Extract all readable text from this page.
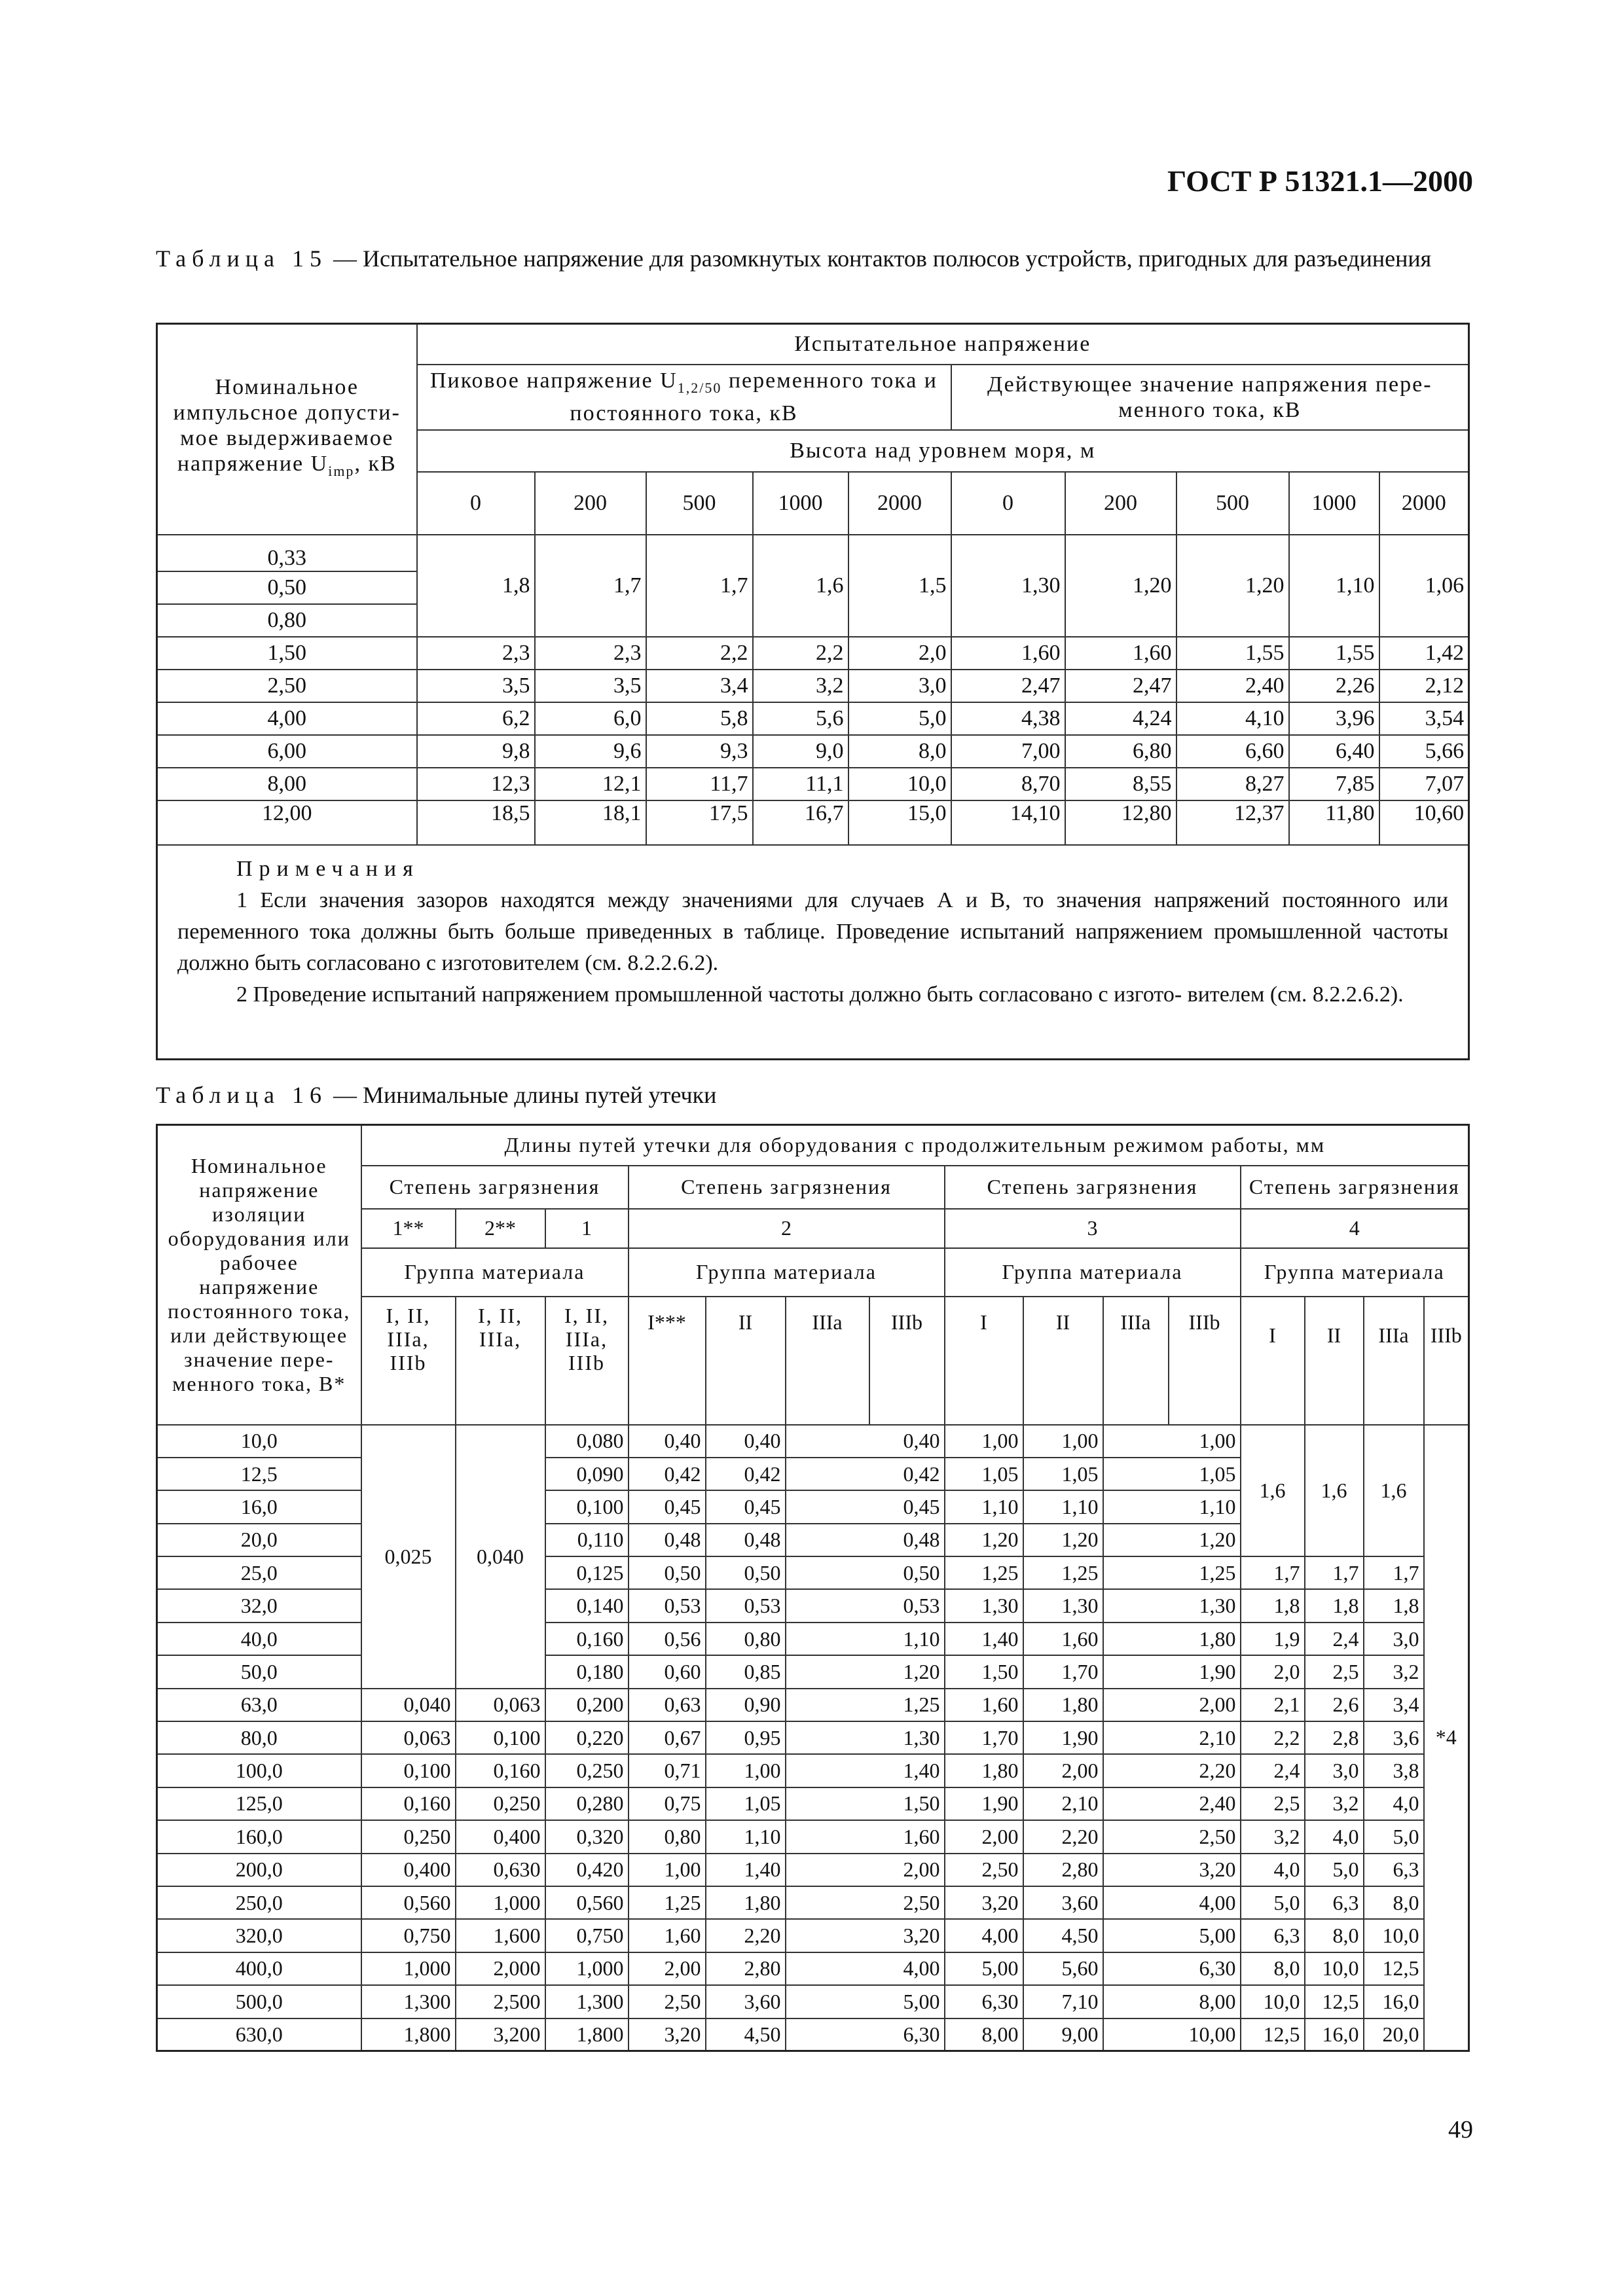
ГОСТ Р 51321.1—2000
Таблица 15 — Испытательное напряжение для разомкнутых контактов полюсов устройств, пригодных для разъединения
Номинальное импульсное допусти- мое выдерживаемое напряжение $U_{imp}$, кВ	Испытательное напряжение									
	Пиковое напряжение $U_{1,2/50}$ переменного тока и постоянного тока, кВ					Действующее значение напряжения пере- менного тока, кВ				
	Высота над уровнем моря, м									
	0	200	500	1000	2000	0	200	500	1000	2000
0,33	1,8	1,7	1,7	1,6	1,5	1,30	1,20	1,20	1,10	1,06
0,50										
0,80										
1,50	2,3	2,3	2,2	2,2	2,0	1,60	1,60	1,55	1,55	1,42
2,50	3,5	3,5	3,4	3,2	3,0	2,47	2,47	2,40	2,26	2,12
4,00	6,2	6,0	5,8	5,6	5,0	4,38	4,24	4,10	3,96	3,54
6,00	9,8	9,6	9,3	9,0	8,0	7,00	6,80	6,60	6,40	5,66
8,00	12,3	12,1	11,7	11,1	10,0	8,70	8,55	8,27	7,85	7,07
12,00	18,5	18,1	17,5	16,7	15,0	14,10	12,80	12,37	11,80	10,60

Примечания
1 Если значения зазоров находятся между значениями для случаев А и В, то значения напряжений постоянного или переменного тока должны быть больше приведенных в таблице. Проведение испытаний напряжением промышленной частоты должно быть согласовано с изготовителем (см. 8.2.2.6.2).
2 Проведение испытаний напряжением промышленной частоты должно быть согласовано с изгото- вителем (см. 8.2.2.6.2).										
Таблица 16 — Минимальные длины путей утечки
Номинальное напряжение изоляции оборудования или рабочее напряжение постоянного тока, или действующее значение пере- менного тока, В*	Длины путей утечки для оборудования с продолжительным режимом работы, мм														
	Степень загрязнения			Степень загрязнения				Степень загрязнения				Степень загрязнения			
	1**	2**	1	2				3				4			
	Группа материала			Группа материала				Группа материала				Группа материала			
	I, II, IIIa, IIIb	I, II, IIIa,	I, II, IIIa, IIIb	I***	II	IIIa	IIIb	I	II	IIIa	IIIb	I	II	IIIa	IIIb
10,0	0,025	0,040	0,080	0,40	0,40	0,40		1,00	1,00	1,00		1,6	1,6	1,6	*4
12,5			0,090	0,42	0,42	0,42		1,05	1,05	1,05					
16,0			0,100	0,45	0,45	0,45		1,10	1,10	1,10					
20,0			0,110	0,48	0,48	0,48		1,20	1,20	1,20					
25,0			0,125	0,50	0,50	0,50		1,25	1,25	1,25		1,7	1,7	1,7	
32,0			0,140	0,53	0,53	0,53		1,30	1,30	1,30		1,8	1,8	1,8	
40,0			0,160	0,56	0,80	1,10		1,40	1,60	1,80		1,9	2,4	3,0	
50,0			0,180	0,60	0,85	1,20		1,50	1,70	1,90		2,0	2,5	3,2	
63,0	0,040	0,063	0,200	0,63	0,90	1,25		1,60	1,80	2,00		2,1	2,6	3,4	
80,0	0,063	0,100	0,220	0,67	0,95	1,30		1,70	1,90	2,10		2,2	2,8	3,6	
100,0	0,100	0,160	0,250	0,71	1,00	1,40		1,80	2,00	2,20		2,4	3,0	3,8	
125,0	0,160	0,250	0,280	0,75	1,05	1,50		1,90	2,10	2,40		2,5	3,2	4,0	
160,0	0,250	0,400	0,320	0,80	1,10	1,60		2,00	2,20	2,50		3,2	4,0	5,0	
200,0	0,400	0,630	0,420	1,00	1,40	2,00		2,50	2,80	3,20		4,0	5,0	6,3	
250,0	0,560	1,000	0,560	1,25	1,80	2,50		3,20	3,60	4,00		5,0	6,3	8,0	
320,0	0,750	1,600	0,750	1,60	2,20	3,20		4,00	4,50	5,00		6,3	8,0	10,0	
400,0	1,000	2,000	1,000	2,00	2,80	4,00		5,00	5,60	6,30		8,0	10,0	12,5	
500,0	1,300	2,500	1,300	2,50	3,60	5,00		6,30	7,10	8,00		10,0	12,5	16,0	
630,0	1,800	3,200	1,800	3,20	4,50	6,30		8,00	9,00	10,00		12,5	16,0	20,0	
49
